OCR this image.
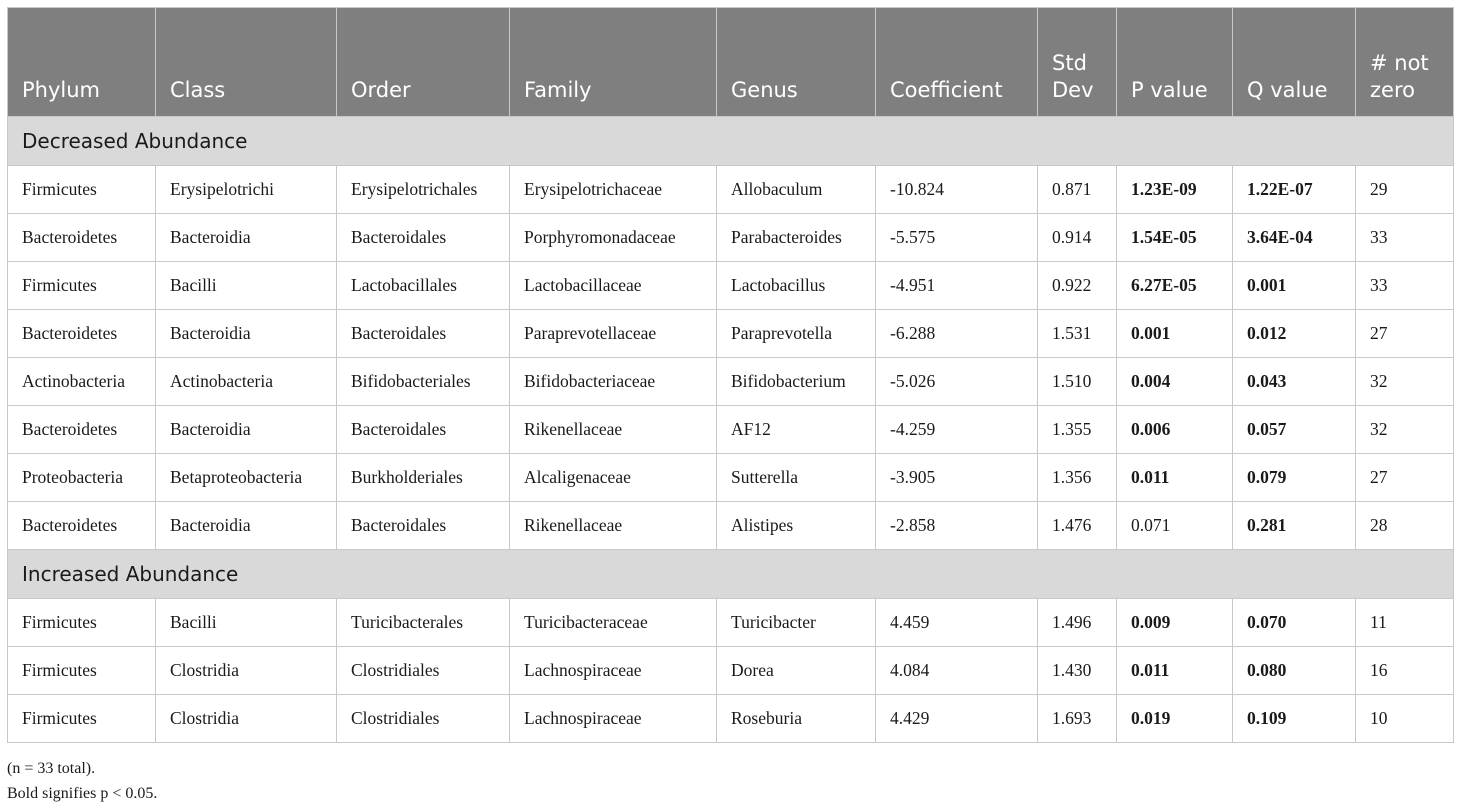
Phylum	Class	Order	Family	Genus	Coefficient	Std Dev	P value	Q value	# not zero
Decreased Abundance									
Firmicutes	Erysipelotrichi	Erysipelotrichales	Erysipelotrichaceae	Allobaculum	-10.824	0.871	1.23E-09	1.22E-07	29
Bacteroidetes	Bacteroidia	Bacteroidales	Porphyromonadaceae	Parabacteroides	-5.575	0.914	1.54E-05	3.64E-04	33
Firmicutes	Bacilli	Lactobacillales	Lactobacillaceae	Lactobacillus	-4.951	0.922	6.27E-05	0.001	33
Bacteroidetes	Bacteroidia	Bacteroidales	Paraprevotellaceae	Paraprevotella	-6.288	1.531	0.001	0.012	27
Actinobacteria	Actinobacteria	Bifidobacteriales	Bifidobacteriaceae	Bifidobacterium	-5.026	1.510	0.004	0.043	32
Bacteroidetes	Bacteroidia	Bacteroidales	Rikenellaceae	AF12	-4.259	1.355	0.006	0.057	32
Proteobacteria	Betaproteobacteria	Burkholderiales	Alcaligenaceae	Sutterella	-3.905	1.356	0.011	0.079	27
Bacteroidetes	Bacteroidia	Bacteroidales	Rikenellaceae	Alistipes	-2.858	1.476	0.071	0.281	28
Increased Abundance									
Firmicutes	Bacilli	Turicibacterales	Turicibacteraceae	Turicibacter	4.459	1.496	0.009	0.070	11
Firmicutes	Clostridia	Clostridiales	Lachnospiraceae	Dorea	4.084	1.430	0.011	0.080	16
Firmicutes	Clostridia	Clostridiales	Lachnospiraceae	Roseburia	4.429	1.693	0.019	0.109	10
(n = 33 total).
Bold signifies p < 0.05.
